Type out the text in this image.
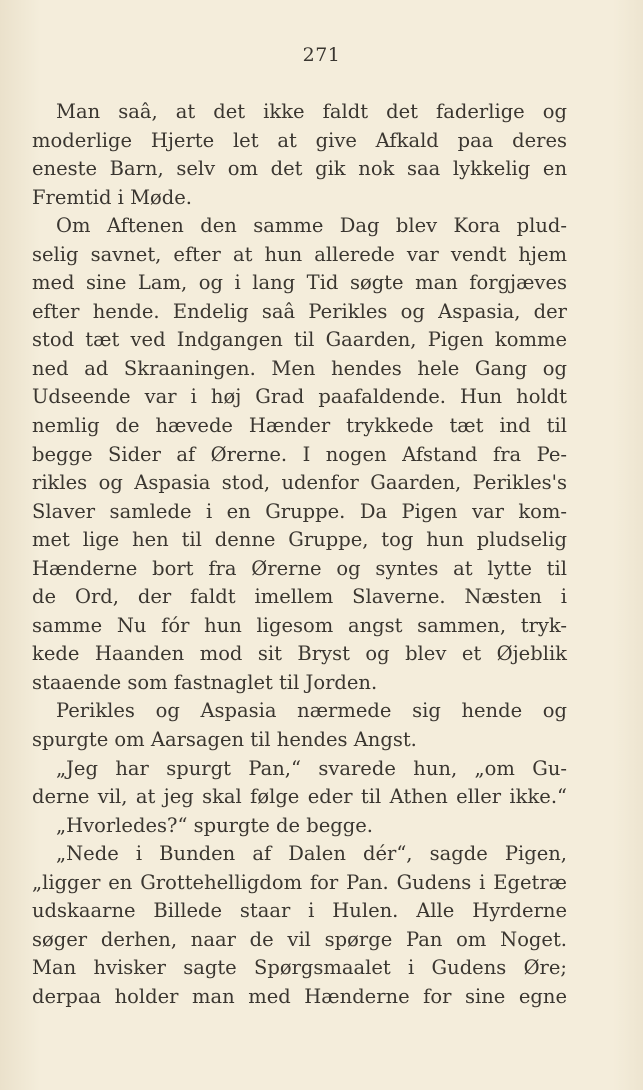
271
Man saâ, at det ikke faldt det faderlige og
moderlige Hjerte let at give Afkald paa deres
eneste Barn, selv om det gik nok saa lykkelig en
Fremtid i Møde.
Om Aftenen den samme Dag blev Kora plud-
selig savnet, efter at hun allerede var vendt hjem
med sine Lam, og i lang Tid søgte man forgjæves
efter hende. Endelig saâ Perikles og Aspasia, der
stod tæt ved Indgangen til Gaarden, Pigen komme
ned ad Skraaningen. Men hendes hele Gang og
Udseende var i høj Grad paafaldende. Hun holdt
nemlig de hævede Hænder trykkede tæt ind til
begge Sider af Ørerne. I nogen Afstand fra Pe-
rikles og Aspasia stod, udenfor Gaarden, Perikles's
Slaver samlede i en Gruppe. Da Pigen var kom-
met lige hen til denne Gruppe, tog hun pludselig
Hænderne bort fra Ørerne og syntes at lytte til
de Ord, der faldt imellem Slaverne. Næsten i
samme Nu fór hun ligesom angst sammen, tryk-
kede Haanden mod sit Bryst og blev et Øjeblik
staaende som fastnaglet til Jorden.
Perikles og Aspasia nærmede sig hende og
spurgte om Aarsagen til hendes Angst.
„Jeg har spurgt Pan,“ svarede hun, „om Gu-
derne vil, at jeg skal følge eder til Athen eller ikke.“
„Hvorledes?“ spurgte de begge.
„Nede i Bunden af Dalen dér“, sagde Pigen,
„ligger en Grottehelligdom for Pan. Gudens i Egetræ
udskaarne Billede staar i Hulen. Alle Hyrderne
søger derhen, naar de vil spørge Pan om Noget.
Man hvisker sagte Spørgsmaalet i Gudens Øre;
derpaa holder man med Hænderne for sine egne
